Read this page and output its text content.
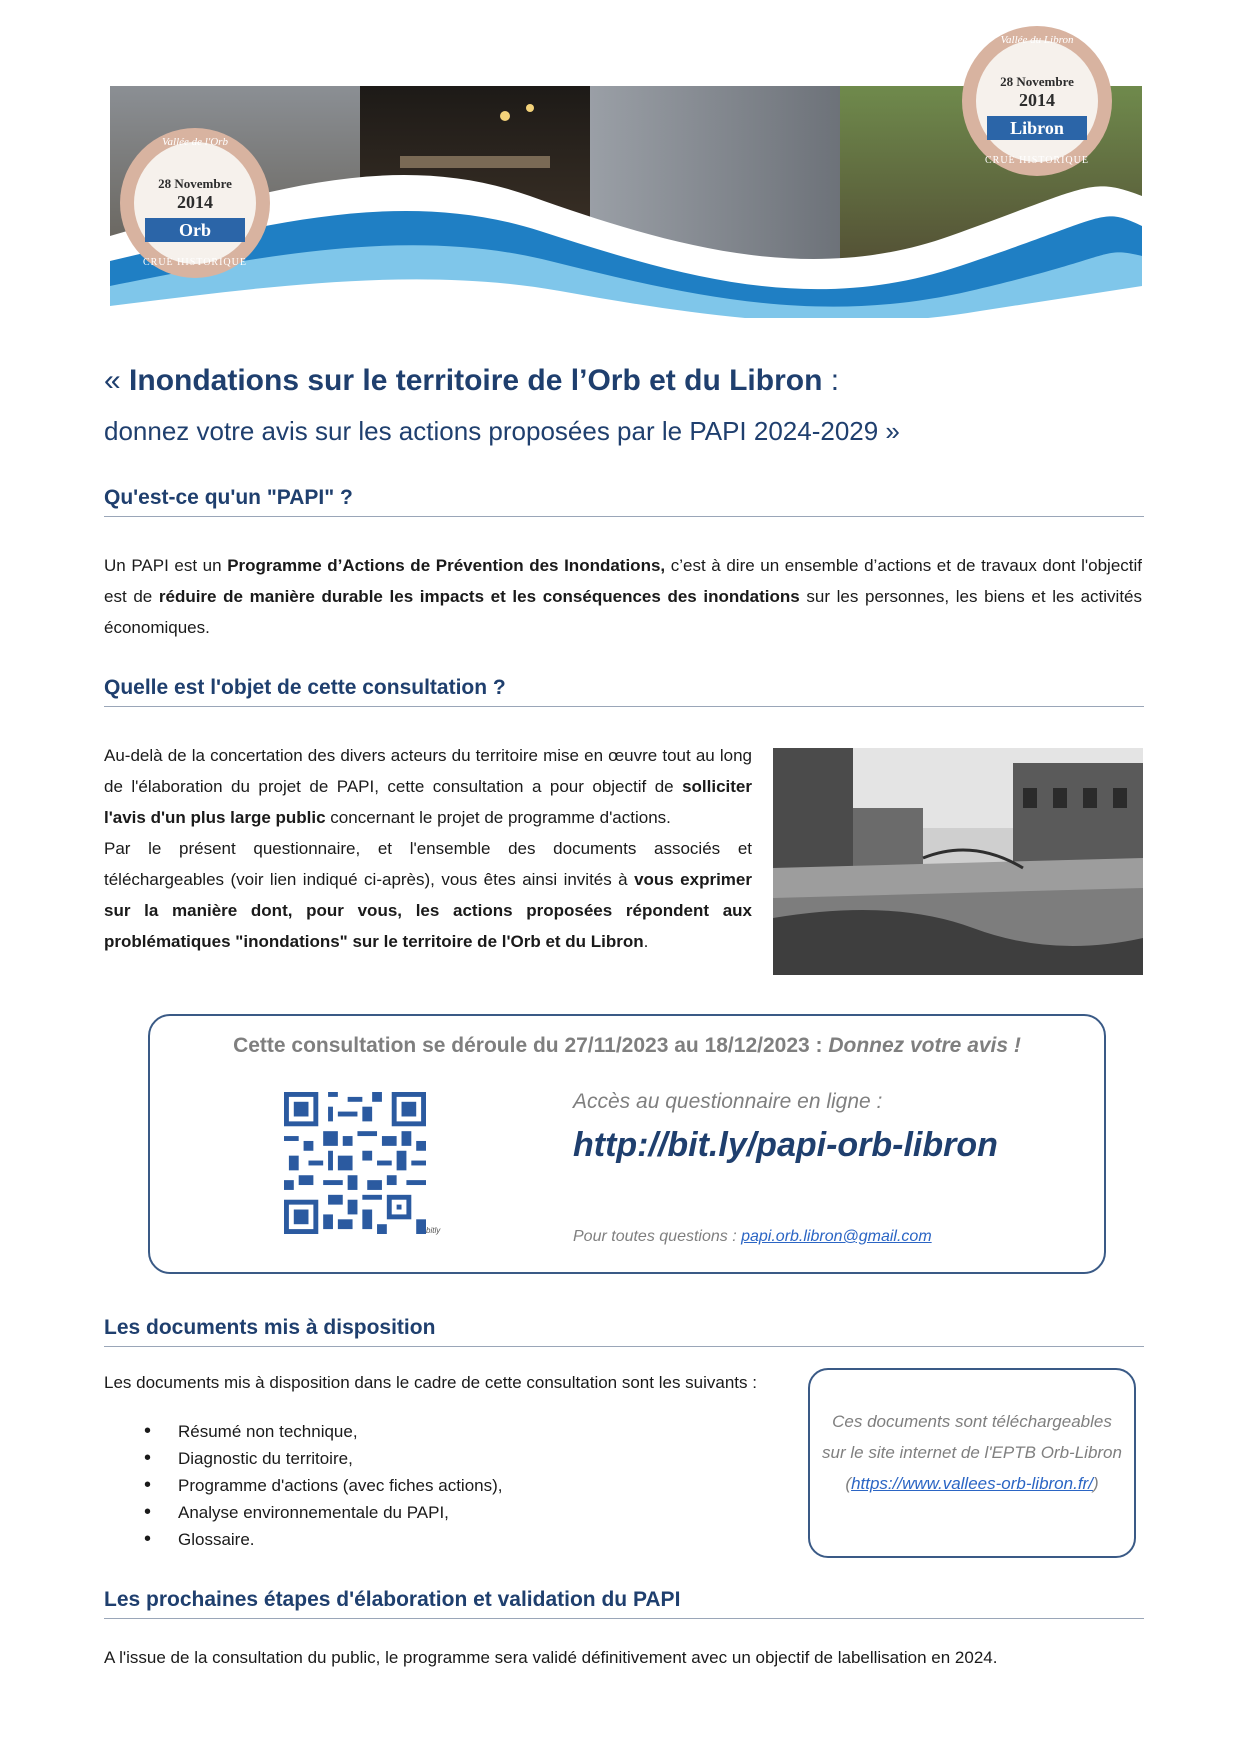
Vallée de l'Orb
28 Novembre
2014
Orb
CRUE HISTORIQUE
Vallée du Libron
28 Novembre
2014
Libron
CRUE HISTORIQUE
« Inondations sur le territoire de l’Orb et du Libron :
donnez votre avis sur les actions proposées par le PAPI 2024-2029 »
Qu'est-ce qu'un "PAPI" ?
Un PAPI est un Programme d’Actions de Prévention des Inondations, c’est à dire un ensemble d’actions et de travaux dont l'objectif est de réduire de manière durable les impacts et les conséquences des inondations sur les personnes, les biens et les activités économiques.
Quelle est l'objet de cette consultation ?
Au-delà de la concertation des divers acteurs du territoire mise en œuvre tout au long de l'élaboration du projet de PAPI, cette consultation a pour objectif de solliciter l'avis d'un plus large public concernant le projet de programme d'actions.
Par le présent questionnaire, et l'ensemble des documents associés et téléchargeables (voir lien indiqué ci-après), vous êtes ainsi invités à vous exprimer sur la manière dont, pour vous, les actions proposées répondent aux problématiques "inondations" sur le territoire de l'Orb et du Libron.
Cette consultation se déroule du 27/11/2023 au 18/12/2023 : Donnez votre avis !
bitly
Accès au questionnaire en ligne :
http://bit.ly/papi-orb-libron
Pour toutes questions : papi.orb.libron@gmail.com
Les documents mis à disposition
Les documents mis à disposition dans le cadre de cette consultation sont les suivants :
• Résumé non technique,
• Diagnostic du territoire,
• Programme d'actions (avec fiches actions),
• Analyse environnementale du PAPI,
• Glossaire.
Ces documents sont téléchargeables sur le site internet de l'EPTB Orb-Libron
(https://www.vallees-orb-libron.fr/)
Les prochaines étapes d'élaboration et validation du PAPI
A l'issue de la consultation du public, le programme sera validé définitivement avec un objectif de labellisation en 2024.
